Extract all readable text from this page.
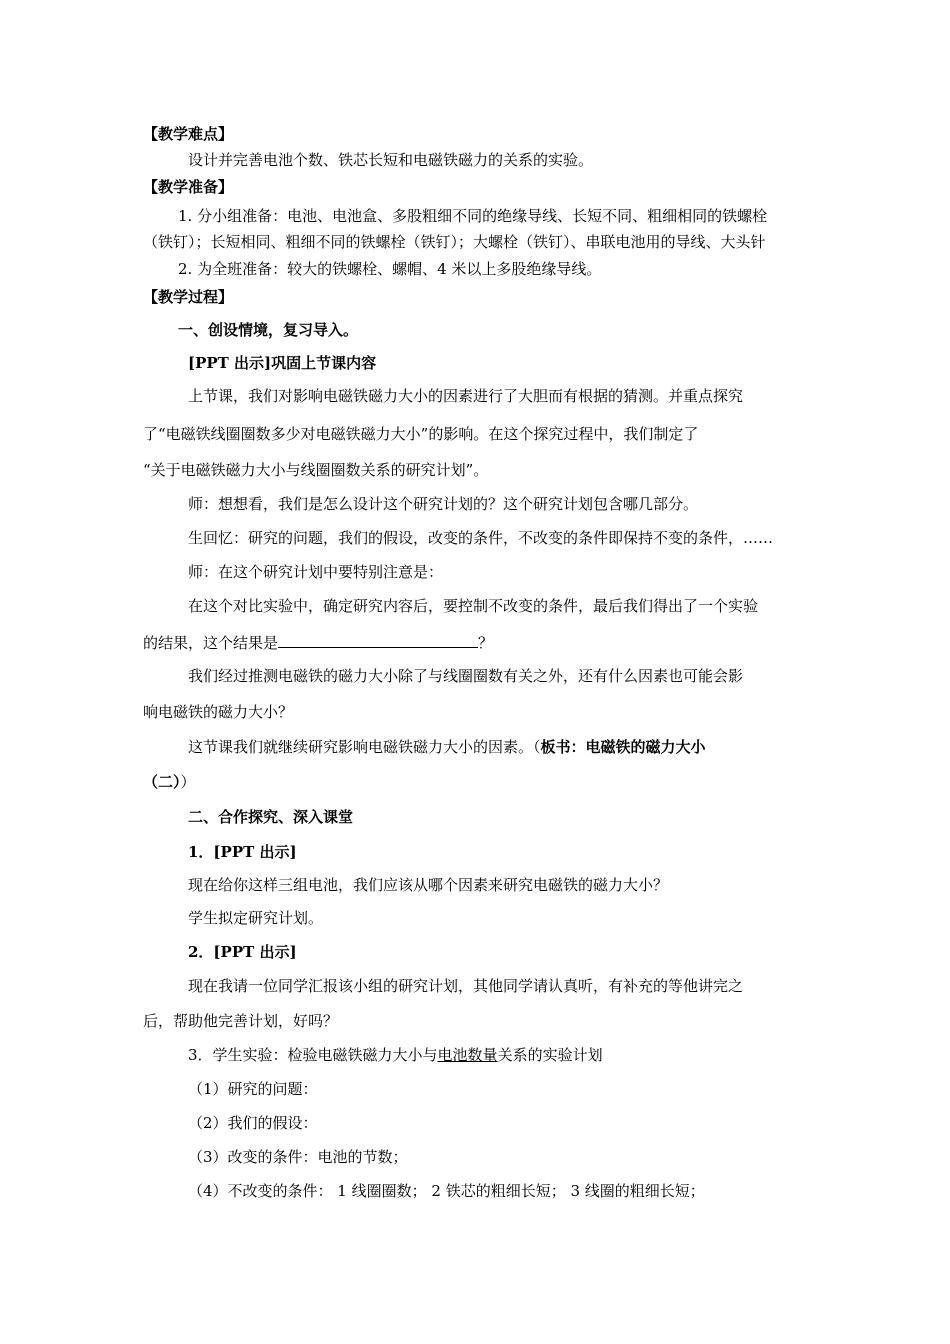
【教学难点】
设计并完善电池个数、铁芯长短和电磁铁磁力的关系的实验。
【教学准备】
1. 分小组准备：电池、电池盒、多股粗细不同的绝缘导线、长短不同、粗细相同的铁螺栓
（铁钉）；长短相同、粗细不同的铁螺栓（铁钉）；大螺栓（铁钉）、串联电池用的导线、大头针
2. 为全班准备：较大的铁螺栓、螺帽、4 米以上多股绝缘导线。
【教学过程】
一、创设情境，复习导入。
[PPT 出示]巩固上节课内容
上节课，我们对影响电磁铁磁力大小的因素进行了大胆而有根据的猜测。并重点探究
了“电磁铁线圈圈数多少对电磁铁磁力大小”的影响。在这个探究过程中，我们制定了
“关于电磁铁磁力大小与线圈圈数关系的研究计划”。
师：想想看，我们是怎么设计这个研究计划的？这个研究计划包含哪几部分。
生回忆：研究的问题，我们的假设，改变的条件，不改变的条件即保持不变的条件，……
师：在这个研究计划中要特别注意是：
在这个对比实验中，确定研究内容后，要控制不改变的条件，最后我们得出了一个实验
的结果，这个结果是	？
我们经过推测电磁铁的磁力大小除了与线圈圈数有关之外，还有什么因素也可能会影
响电磁铁的磁力大小？
这节课我们就继续研究影响电磁铁磁力大小的因素。（板书：电磁铁的磁力大小
（二））
二、合作探究、深入课堂
1．[PPT 出示]
现在给你这样三组电池，我们应该从哪个因素来研究电磁铁的磁力大小？
学生拟定研究计划。
2．[PPT 出示]
现在我请一位同学汇报该小组的研究计划，其他同学请认真听，有补充的等他讲完之
后，帮助他完善计划，好吗？
3．学生实验：检验电磁铁磁力大小与电池数量关系的实验计划
（1）研究的问题：
（2）我们的假设：
（3）改变的条件：电池的节数；
（4）不改变的条件： 1 线圈圈数； 2 铁芯的粗细长短； 3 线圈的粗细长短；
